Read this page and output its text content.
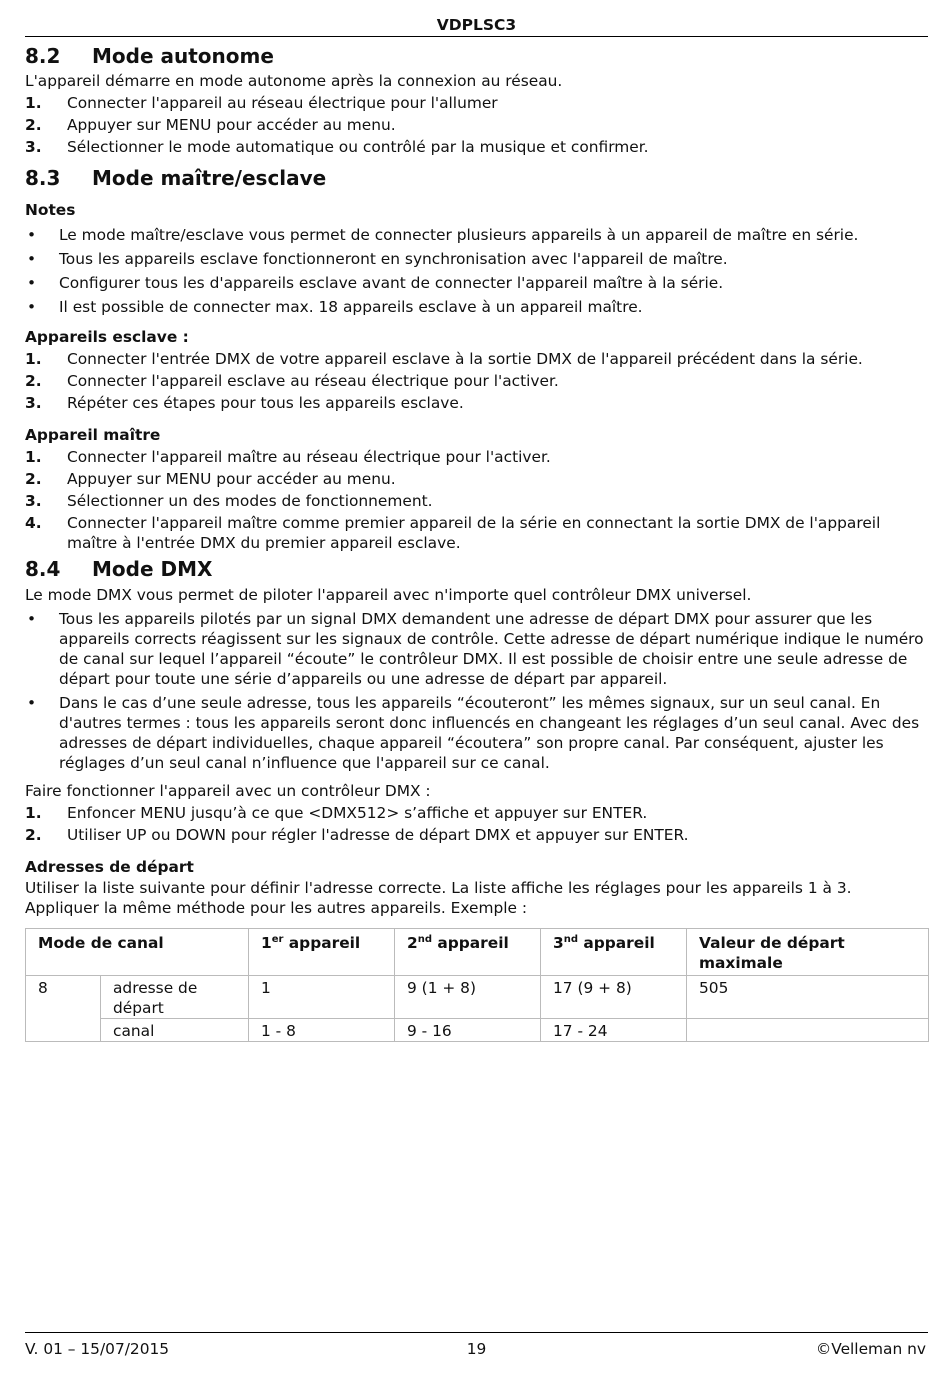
VDPLSC3
8.2 Mode autonome

L'appareil démarre en mode autonome après la connexion au réseau.

1. Connecter l'appareil au réseau électrique pour l'allumer
2. Appuyer sur MENU pour accéder au menu.
3. Sélectionner le mode automatique ou contrôlé par la musique et confirmer.
8.3 Mode maître/esclave

Notes

• Le mode maître/esclave vous permet de connecter plusieurs appareils à un appareil de maître en série.
• Tous les appareils esclave fonctionneront en synchronisation avec l'appareil de maître.
• Configurer tous les d'appareils esclave avant de connecter l'appareil maître à la série.
• Il est possible de connecter max. 18 appareils esclave à un appareil maître.

Appareils esclave :

1. Connecter l'entrée DMX de votre appareil esclave à la sortie DMX de l'appareil précédent dans la série.
2. Connecter l'appareil esclave au réseau électrique pour l'activer.
3. Répéter ces étapes pour tous les appareils esclave.

Appareil maître

1. Connecter l'appareil maître au réseau électrique pour l'activer.
2. Appuyer sur MENU pour accéder au menu.
3. Sélectionner un des modes de fonctionnement.
4. Connecter l'appareil maître comme premier appareil de la série en connectant la sortie DMX de l'appareil maître à l'entrée DMX du premier appareil esclave.
8.4 Mode DMX

Le mode DMX vous permet de piloter l'appareil avec n'importe quel contrôleur DMX universel.

• Tous les appareils pilotés par un signal DMX demandent une adresse de départ DMX pour assurer que les appareils corrects réagissent sur les signaux de contrôle. Cette adresse de départ numérique indique le numéro de canal sur lequel l’appareil “écoute” le contrôleur DMX. Il est possible de choisir entre une seule adresse de départ pour toute une série d’appareils ou une adresse de départ par appareil.
• Dans le cas d’une seule adresse, tous les appareils “écouteront” les mêmes signaux, sur un seul canal. En d'autres termes : tous les appareils seront donc influencés en changeant les réglages d’un seul canal. Avec des adresses de départ individuelles, chaque appareil “écoutera” son propre canal. Par conséquent, ajuster les réglages d’un seul canal n’influence que l'appareil sur ce canal.

Faire fonctionner l'appareil avec un contrôleur DMX :

1. Enfoncer MENU jusqu’à ce que <DMX512> s’affiche et appuyer sur ENTER.
2. Utiliser UP ou DOWN pour régler l'adresse de départ DMX et appuyer sur ENTER.

Adresses de départ

Utiliser la liste suivante pour définir l'adresse correcte. La liste affiche les réglages pour les appareils 1 à 3. Appliquer la même méthode pour les autres appareils. Exemple :

Mode de canal		1er appareil	2nd appareil	3nd appareil	Valeur de départ maximale
8	adresse de départ	1	9 (1 + 8)	17 (9 + 8)	505
	canal	1 - 8	9 - 16	17 - 24	
V. 01 – 15/07/2015	19	©Velleman nv
